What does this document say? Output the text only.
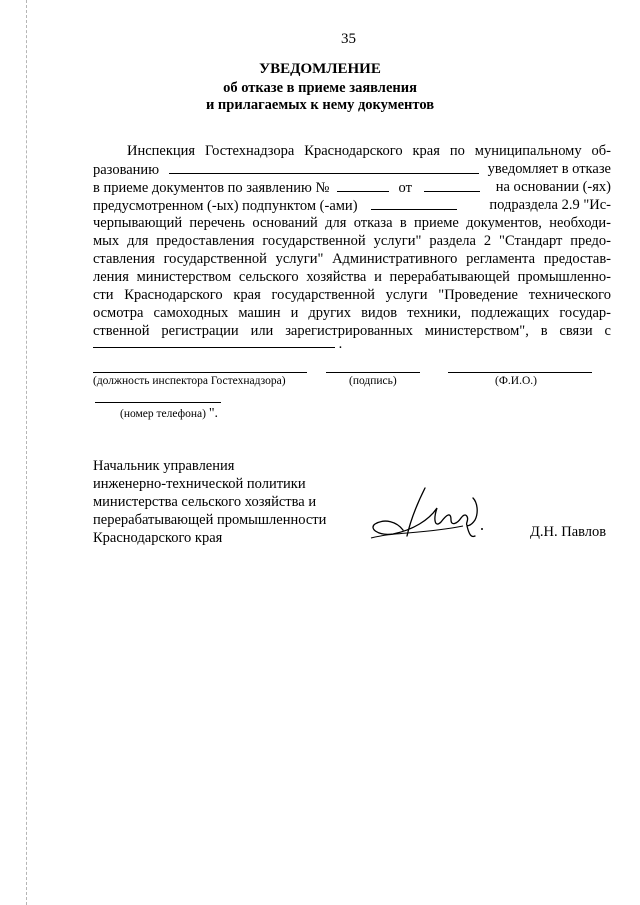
35
УВЕДОМЛЕНИЕ
об отказе в приеме заявления
и прилагаемых к нему документов
Инспекция Гостехнадзора Краснодарского края по муниципальному об-
разованию	уведомляет в отказе
в приеме документов по заявлению №	от	на основании (-ях)
предусмотренном (-ых) подпунктом (-ами)	подраздела 2.9 "Ис-
черпывающий перечень оснований для отказа в приеме документов, необходи-
мых для предоставления государственной услуги" раздела 2 "Стандарт предо-
ставления государственной услуги" Административного регламента предостав-
ления министерством сельского хозяйства и перерабатывающей промышленно-
сти Краснодарского края государственной услуги "Проведение технического
осмотра самоходных машин и других видов техники, подлежащих государ-
ственной регистрации или зарегистрированных министерством", в связи с
.
(должность инспектора Гостехнадзора)	(подпись)	(Ф.И.О.)
(номер телефона) ".
Начальник управления
инженерно-технической политики
министерства сельского хозяйства и
перерабатывающей промышленности
Краснодарского края	Д.Н. Павлов
